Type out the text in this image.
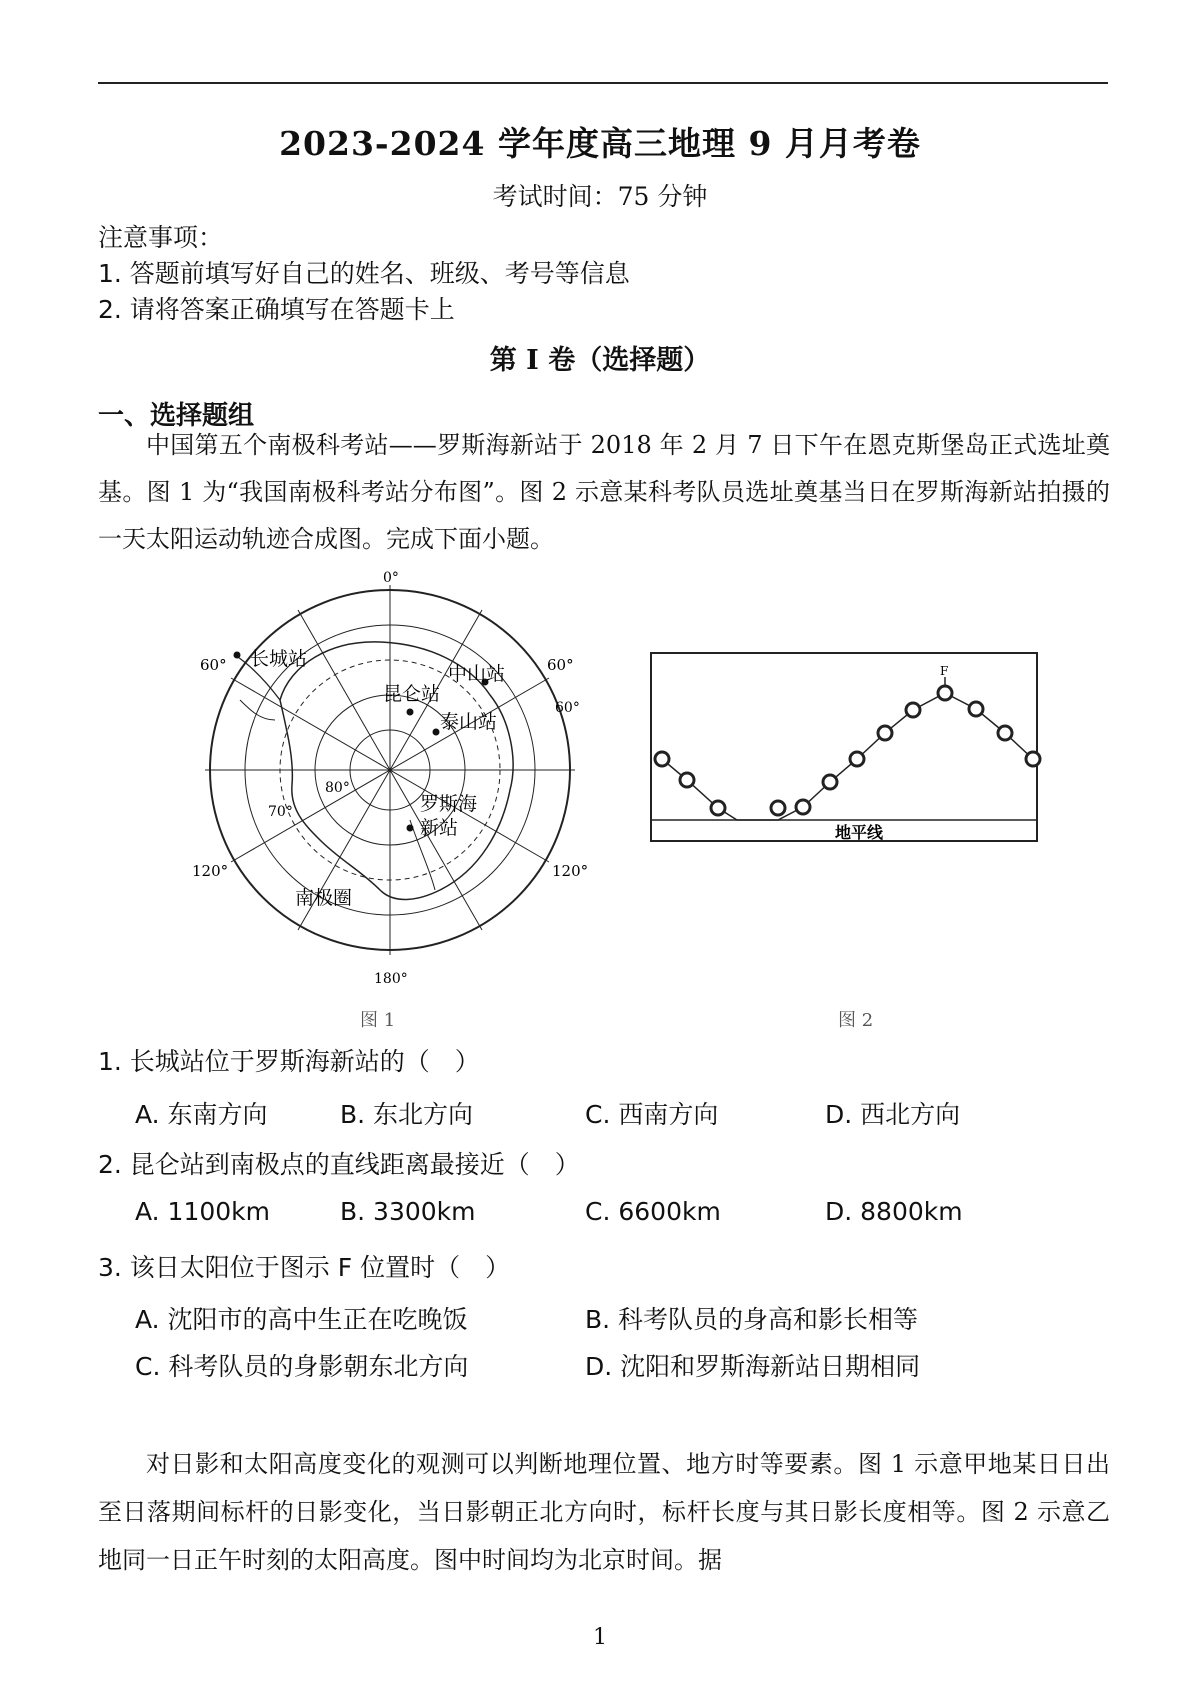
2023-2024 学年度高三地理 9 月月考卷
考试时间：75 分钟
注意事项：
1. 答题前填写好自己的姓名、班级、考号等信息
2. 请将答案正确填写在答题卡上
第 I 卷（选择题）
一、选择题组
中国第五个南极科考站——罗斯海新站于 2018 年 2 月 7 日下午在恩克斯堡岛正式选址奠基。图 1 为“我国南极科考站分布图”。图 2 示意某科考队员选址奠基当日在罗斯海新站拍摄的一天太阳运动轨迹合成图。完成下面小题。
0°
180°
60°	60°
120°	120°
80°
70°
60°
长城站
中山站
昆仑站
泰山站
罗斯海
新站
南极圈
图 1
F
地平线
图 2
1. 长城站位于罗斯海新站的（　）
A. 东南方向	B. 东北方向	C. 西南方向	D. 西北方向
2. 昆仑站到南极点的直线距离最接近（　）
A. 1100km	B. 3300km	C. 6600km	D. 8800km
3. 该日太阳位于图示 F 位置时（　）
A. 沈阳市的高中生正在吃晚饭	B. 科考队员的身高和影长相等
C. 科考队员的身影朝东北方向	D. 沈阳和罗斯海新站日期相同
对日影和太阳高度变化的观测可以判断地理位置、地方时等要素。图 1 示意甲地某日日出至日落期间标杆的日影变化，当日影朝正北方向时，标杆长度与其日影长度相等。图 2 示意乙地同一日正午时刻的太阳高度。图中时间均为北京时间。据
1
